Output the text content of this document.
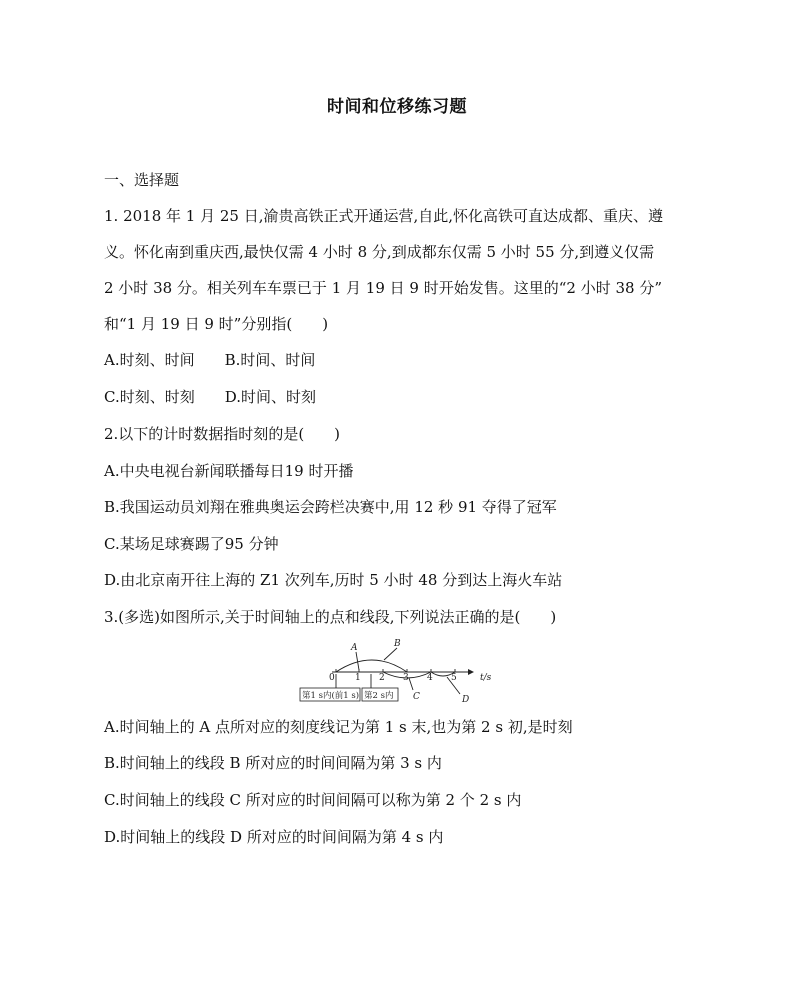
时间和位移练习题
一、选择题
1. 2018 年 1 月 25 日,渝贵高铁正式开通运营,自此,怀化高铁可直达成都、重庆、遵
义。怀化南到重庆西,最快仅需 4 小时 8 分,到成都东仅需 5 小时 55 分,到遵义仅需
2 小时 38 分。相关列车车票已于 1 月 19 日 9 时开始发售。这里的“2 小时 38 分”
和“1 月 19 日 9 时”分别指(　　)
A.时刻、时间　　B.时间、时间
C.时刻、时刻　　D.时间、时刻
2.以下的计时数据指时刻的是(　　)
A.中央电视台新闻联播每日19 时开播
B.我国运动员刘翔在雅典奥运会跨栏决赛中,用 12 秒 91 夺得了冠军
C.某场足球赛踢了95 分钟
D.由北京南开往上海的 Z1 次列车,历时 5 小时 48 分到达上海火车站
3.(多选)如图所示,关于时间轴上的点和线段,下列说法正确的是(　　)
0 1 2 3 4 5	t/s
A	B
C	D
第1 s内(前1 s) 第2 s内
A.时间轴上的 A 点所对应的刻度线记为第 1 s 末,也为第 2 s 初,是时刻
B.时间轴上的线段 B 所对应的时间间隔为第 3 s 内
C.时间轴上的线段 C 所对应的时间间隔可以称为第 2 个 2 s 内
D.时间轴上的线段 D 所对应的时间间隔为第 4 s 内
